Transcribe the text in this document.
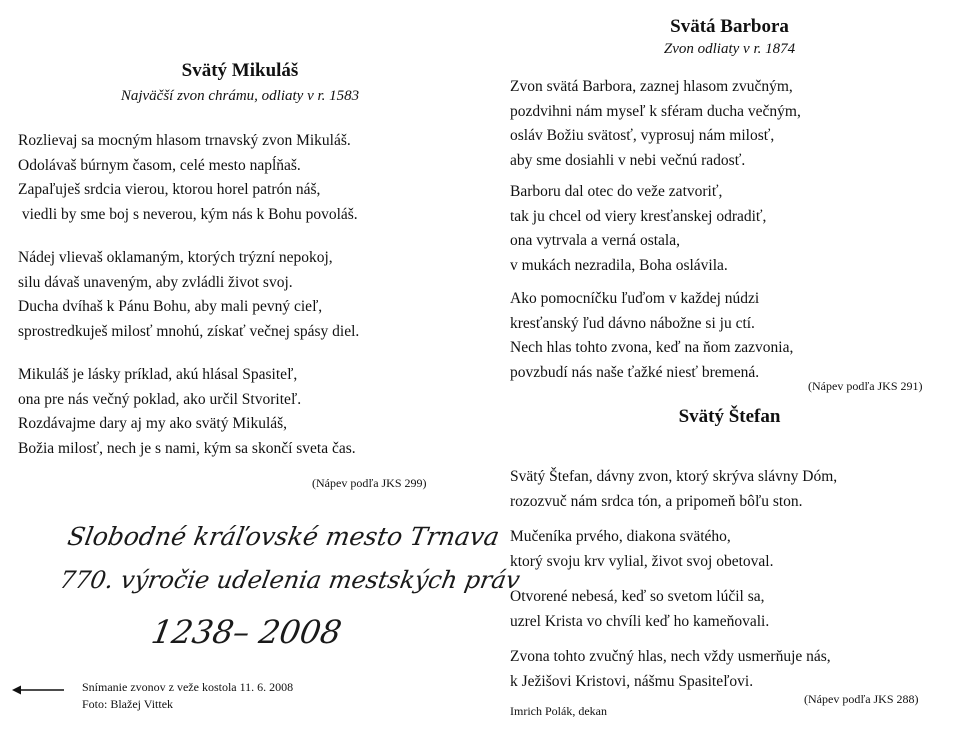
Svätý Mikuláš

Najväčší zvon chrámu, odliaty v r. 1583

Rozlievaj sa mocným hlasom trnavský zvon Mikuláš.
Odolávaš búrnym časom, celé mesto napĺňaš.
Zapaľuješ srdcia vierou, ktorou horel patrón náš,
viedli by sme boj s neverou, kým nás k Bohu povoláš.
Nádej vlievaš oklamaným, ktorých trýzní nepokoj,
silu dávaš unaveným, aby zvládli život svoj.
Ducha dvíhaš k Pánu Bohu, aby mali pevný cieľ,
sprostredkuješ milosť mnohú, získať večnej spásy diel.
Mikuláš je lásky príklad, akú hlásal Spasiteľ,
ona pre nás večný poklad, ako určil Stvoriteľ.
Rozdávajme dary aj my ako svätý Mikuláš,
Božia milosť, nech je s nami, kým sa skončí sveta čas.
(Nápev podľa JKS 299)
Slobodné kráľovské mesto Trnava
770. výročie udelenia mestských práv
1238– 2008
Snímanie zvonov z veže kostola 11. 6. 2008
Foto: Blažej Vittek
Svätá Barbora

Zvon odliaty v r. 1874

Zvon svätá Barbora, zaznej hlasom zvučným,
pozdvihni nám myseľ k sféram ducha večným,
osláv Božiu svätosť, vyprosuj nám milosť,
aby sme dosiahli v nebi večnú radosť.
Barboru dal otec do veže zatvoriť,
tak ju chcel od viery kresťanskej odradiť,
ona vytrvala a verná ostala,
v mukách nezradila, Boha oslávila.
Ako pomocníčku ľuďom v každej núdzi
kresťanský ľud dávno nábožne si ju ctí.
Nech hlas tohto zvona, keď na ňom zazvonia,
povzbudí nás naše ťažké niesť bremená.
(Nápev podľa JKS 291)
Svätý Štefan
Svätý Štefan, dávny zvon, ktorý skrýva slávny Dóm,
rozozvuč nám srdca tón, a pripomeň bôľu ston.
Mučeníka prvého, diakona svätého,
ktorý svoju krv vylial, život svoj obetoval.
Otvorené nebesá, keď so svetom lúčil sa,
uzrel Krista vo chvíli keď ho kameňovali.
Zvona tohto zvučný hlas, nech vždy usmerňuje nás,
k Ježišovi Kristovi, nášmu Spasiteľovi.
(Nápev podľa JKS 288)
Imrich Polák, dekan
